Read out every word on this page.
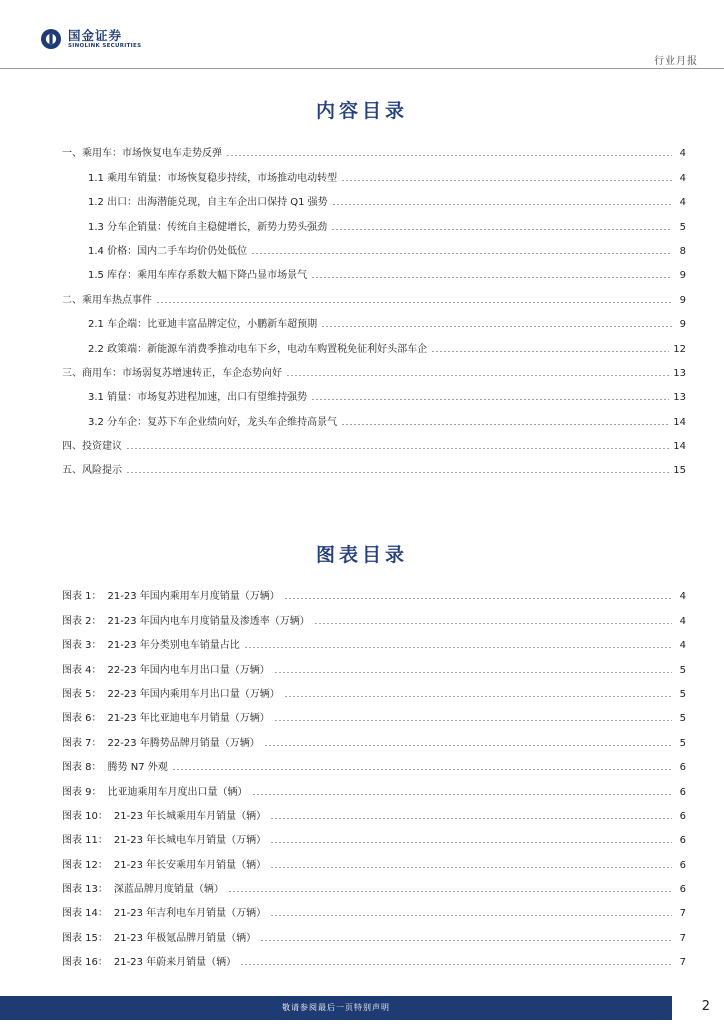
国金证券
SINOLINK SECURITIES
行业月报
内容目录
一、乘用车：市场恢复电车走势反弹	4
1.1 乘用车销量：市场恢复稳步持续，市场推动电动转型	4
1.2 出口：出海潜能兑现，自主车企出口保持 Q1 强势	4
1.3 分车企销量：传统自主稳健增长，新势力势头强劲	5
1.4 价格：国内二手车均价仍处低位	8
1.5 库存：乘用车库存系数大幅下降凸显市场景气	9
二、乘用车热点事件	9
2.1 车企端：比亚迪丰富品牌定位，小鹏新车超预期	9
2.2 政策端：新能源车消费季推动电车下乡，电动车购置税免征利好头部车企	12
三、商用车：市场弱复苏增速转正，车企态势向好	13
3.1 销量：市场复苏进程加速，出口有望维持强势	13
3.2 分车企：复苏下车企业绩向好，龙头车企维持高景气	14
四、投资建议	14
五、风险提示	15
图表目录
图表 1： 21-23 年国内乘用车月度销量（万辆）	4
图表 2： 21-23 年国内电车月度销量及渗透率（万辆）	4
图表 3： 21-23 年分类别电车销量占比	4
图表 4： 22-23 年国内电车月出口量（万辆）	5
图表 5： 22-23 年国内乘用车月出口量（万辆）	5
图表 6： 21-23 年比亚迪电车月销量（万辆）	5
图表 7： 22-23 年腾势品牌月销量（万辆）	5
图表 8： 腾势 N7 外观	6
图表 9： 比亚迪乘用车月度出口量（辆）	6
图表 10： 21-23 年长城乘用车月销量（辆）	6
图表 11： 21-23 年长城电车月销量（万辆）	6
图表 12： 21-23 年长安乘用车月销量（辆）	6
图表 13： 深蓝品牌月度销量（辆）	6
图表 14： 21-23 年吉利电车月销量（万辆）	7
图表 15： 21-23 年极氪品牌月销量（辆）	7
图表 16： 21-23 年蔚来月销量（辆）	7
敬请参阅最后一页特别声明	2
